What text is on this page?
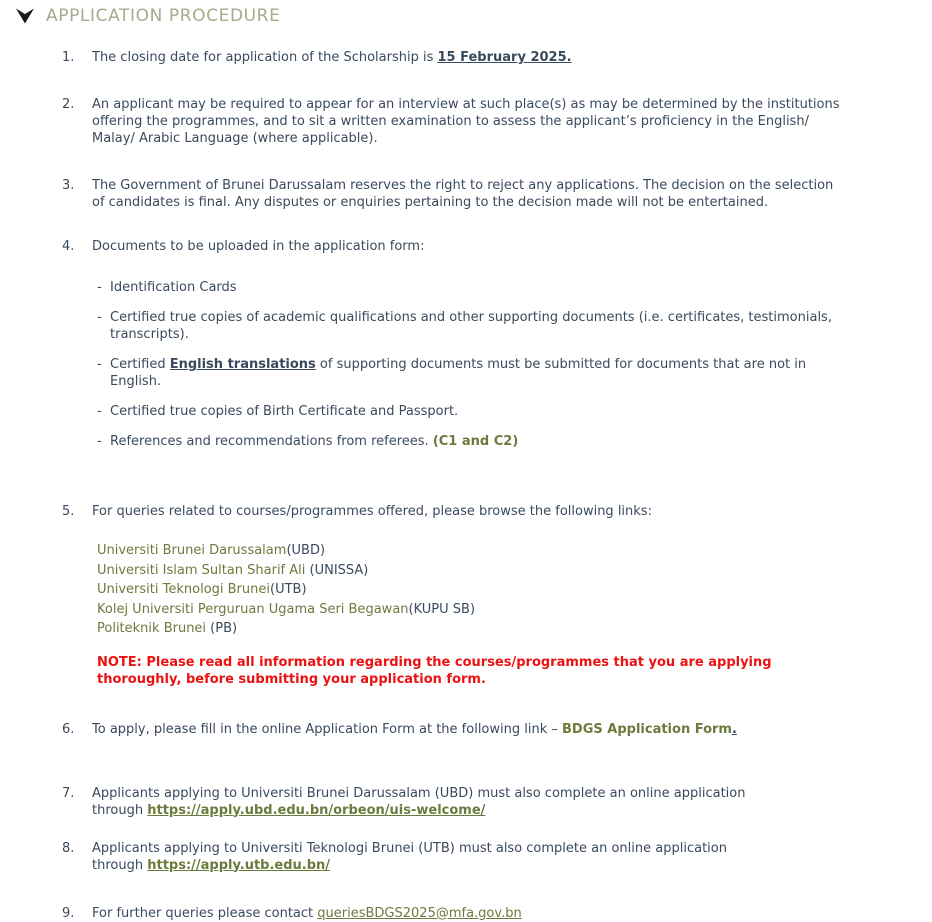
APPLICATION PROCEDURE
1.	The closing date for application of the Scholarship is 15 February 2025.
2.	An applicant may be required to appear for an interview at such place(s) as may be determined by the institutions
offering the programmes, and to sit a written examination to assess the applicant’s proficiency in the English/
Malay/ Arabic Language (where applicable).
3.	The Government of Brunei Darussalam reserves the right to reject any applications. The decision on the selection
of candidates is final. Any disputes or enquiries pertaining to the decision made will not be entertained.
4.	Documents to be uploaded in the application form:
- Identification Cards
- Certified true copies of academic qualifications and other supporting documents (i.e. certificates, testimonials,
transcripts).
- Certified English translations of supporting documents must be submitted for documents that are not in
English.
- Certified true copies of Birth Certificate and Passport.
- References and recommendations from referees. (C1 and C2)
5.	For queries related to courses/programmes offered, please browse the following links:
Universiti Brunei Darussalam(UBD)
Universiti Islam Sultan Sharif Ali (UNISSA)
Universiti Teknologi Brunei(UTB)
Kolej Universiti Perguruan Ugama Seri Begawan(KUPU SB)
Politeknik Brunei (PB)
NOTE: Please read all information regarding the courses/programmes that you are applying
thoroughly, before submitting your application form.
6.	To apply, please fill in the online Application Form at the following link – BDGS Application Form.
7.	Applicants applying to Universiti Brunei Darussalam (UBD) must also complete an online application
through https://apply.ubd.edu.bn/orbeon/uis-welcome/
8.	Applicants applying to Universiti Teknologi Brunei (UTB) must also complete an online application
through https://apply.utb.edu.bn/
9.	For further queries please contact queriesBDGS2025@mfa.gov.bn
